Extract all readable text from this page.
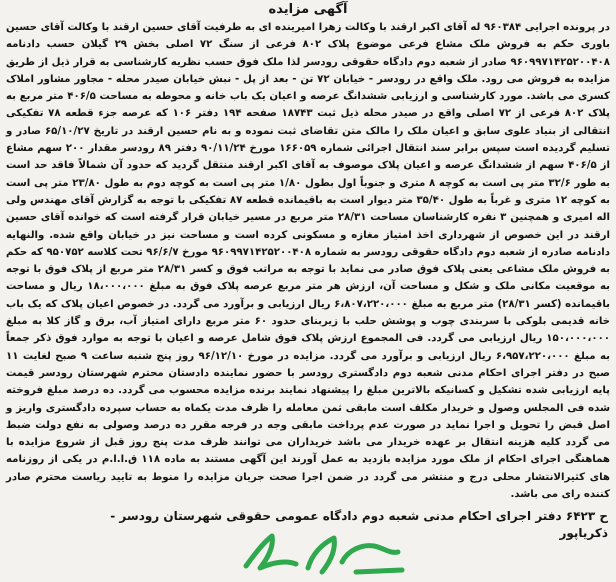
آگهی مزایده

در پرونده اجرایی ۹۶۰۳۸۴ له آقای اکبر ارقند با وکالت زهرا امیرینده ای به طرفیت آقای حسین ارقند با وکالت آقای حسین باوری حکم به فروش ملک مشاع فرعی موضوع پلاک ۸۰۲ فرعی از سنگ ۷۲ اصلی بخش ۲۹ گیلان حسب دادنامه ۹۶۰۹۹۷۱۴۲۵۲۰۰۴۰۸ صادر از شعبه دوم دادگاه حقوقی رودسر لذا ملک فوق حسب نظریه کارشناسی به قرار ذیل از طریق مزایده به فروش می رود. ملک واقع در رودسر - خیابان ۷۲ تن - بعد از پل - نبش خیابان صیدر محله - مجاور مشاور املاک کسری می باشد. مورد کارشناسی و ارزیابی ششدانگ عرصه و اعیان یک باب خانه و محوطه به مساحت ۴۰۶/۵ متر مربع به پلاک ۸۰۲ فرعی از ۷۲ اصلی واقع در صیدر محله ذیل ثبت ۱۸۷۴۳ صفحه ۱۹۴ دفتر ۱۰۶ که عرصه جزء قطعه ۷۸ تفکیکی انتقالی از بنیاد علوی سابق و اعیان ملک را مالک متن تقاضای ثبت نموده و به نام حسین ارقند در تاریخ ۶۵/۱۰/۲۷ صادر و تسلیم گردیده است سپس برابر سند انتقال اجرائی شماره ۱۶۶۰۵۹ مورخ ۹۰/۱۱/۲۴ دفتر ۸۹ رودسر مقدار ۲۰۰ سهم مشاع از ۴۰۶/۵ سهم از ششدانگ عرصه و اعیان پلاک موصوف به آقای اکبر ارقند منتقل گردید که حدود آن شمالاً فاقد حد است به طور ۳۲/۶ متر پی است به کوچه ۸ متری و جنوباً اول بطول ۱/۸۰ متر پی است به کوچه دوم به طول ۲۳/۸۰ متر پی است به کوچه ۱۲ متری و غرباً به طول ۳۵/۴۰ متر دیوار است به باقیمانده قطعه ۸۷ تفکیکی با توجه به گزارش آقای مهندس ولی اله امیری و همچنین ۳ نفره کارشناسان مساحت ۲۸/۳۱ متر مربع در مسیر خیابان قرار گرفته است که خوانده آقای حسین ارقند در این خصوص از شهرداری اخذ امتیاز مغازه و مسکونی کرده است و مساحت نیز در خیابان واقع شده. والنهایه دادنامه صادره از شعبه دوم دادگاه حقوقی رودسر به شماره ۹۶۰۹۹۷۱۴۲۵۲۰۰۴۰۸ مورخ ۹۶/۶/۷ تحت کلاسه ۹۵۰۷۵۲ که حکم به فروش ملک مشاعی یعنی پلاک فوق صادر می نماید با توجه به مراتب فوق و کسر ۲۸/۳۱ متر مربع از پلاک فوق با توجه به موقعیت مکانی ملک و شکل و مساحت آن، ارزش هر متر مربع عرصه پلاک فوق به مبلغ ۱۸،۰۰۰،۰۰۰ ریال و مساحت باقیمانده (کسر ۲۸/۳۱) متر مربع به مبلغ ۶،۸۰۷،۲۲۰،۰۰۰ ریال ارزیابی و برآورد می گردد. در خصوص اعیان پلاک که یک باب خانه قدیمی بلوکی با سربندی چوب و پوشش حلب با زیربنای حدود ۶۰ متر مربع دارای امتیاز آب، برق و گاز کلا به مبلغ ۱۵۰،۰۰۰،۰۰۰ ریال ارزیابی می گردد. فی المجموع ارزش پلاک فوق شامل عرصه و اعیان با توجه به موارد فوق ذکر جمعاً به مبلغ ۶،۹۵۷،۲۲۰،۰۰۰ ریال ارزیابی و برآورد می گردد. مزایده در مورخ ۹۶/۱۲/۱۰ روز پنج شنبه ساعت ۹ صبح لغایت ۱۱ صبح در دفتر اجرای احکام مدنی شعبه دوم دادگستری رودسر با حضور نماینده دادستان محترم شهرستان رودسر قیمت پایه ارزیابی شده تشکیل و کسانیکه بالاترین مبلغ را پیشنهاد نمایند برنده مزایده محسوب می گردد. ده درصد مبلغ فروخته شده فی المجلس وصول و خریدار مکلف است مابقی ثمن معامله را ظرف مدت یکماه به حساب سپرده دادگستری واریز و اصل قبض را تحویل و اجرا نماید در صورت عدم پرداخت مابقی وجه در فرجه مقرر ده درصد وصولی به نفع دولت ضبط می گردد کلیه هزینه انتقال بر عهده خریدار می باشد خریداران می توانند ظرف مدت پنج روز قبل از شروع مزایده با هماهنگی اجرای احکام از ملک مورد مزایده بازدید به عمل آورند این آگهی مستند به ماده ۱۱۸ ق.ا.ا.م در یکی از روزنامه های کثیرالانتشار محلی درج و منتشر می گردد در ضمن اجرا صحت جریان مزایده را منوط به تایید ریاست محترم صادر کننده رای می باشد.

ح ۶۴۲۳ دفتر اجرای احکام مدنی شعبه دوم دادگاه عمومی حقوقی شهرستان رودسر -
ذکریاپور
